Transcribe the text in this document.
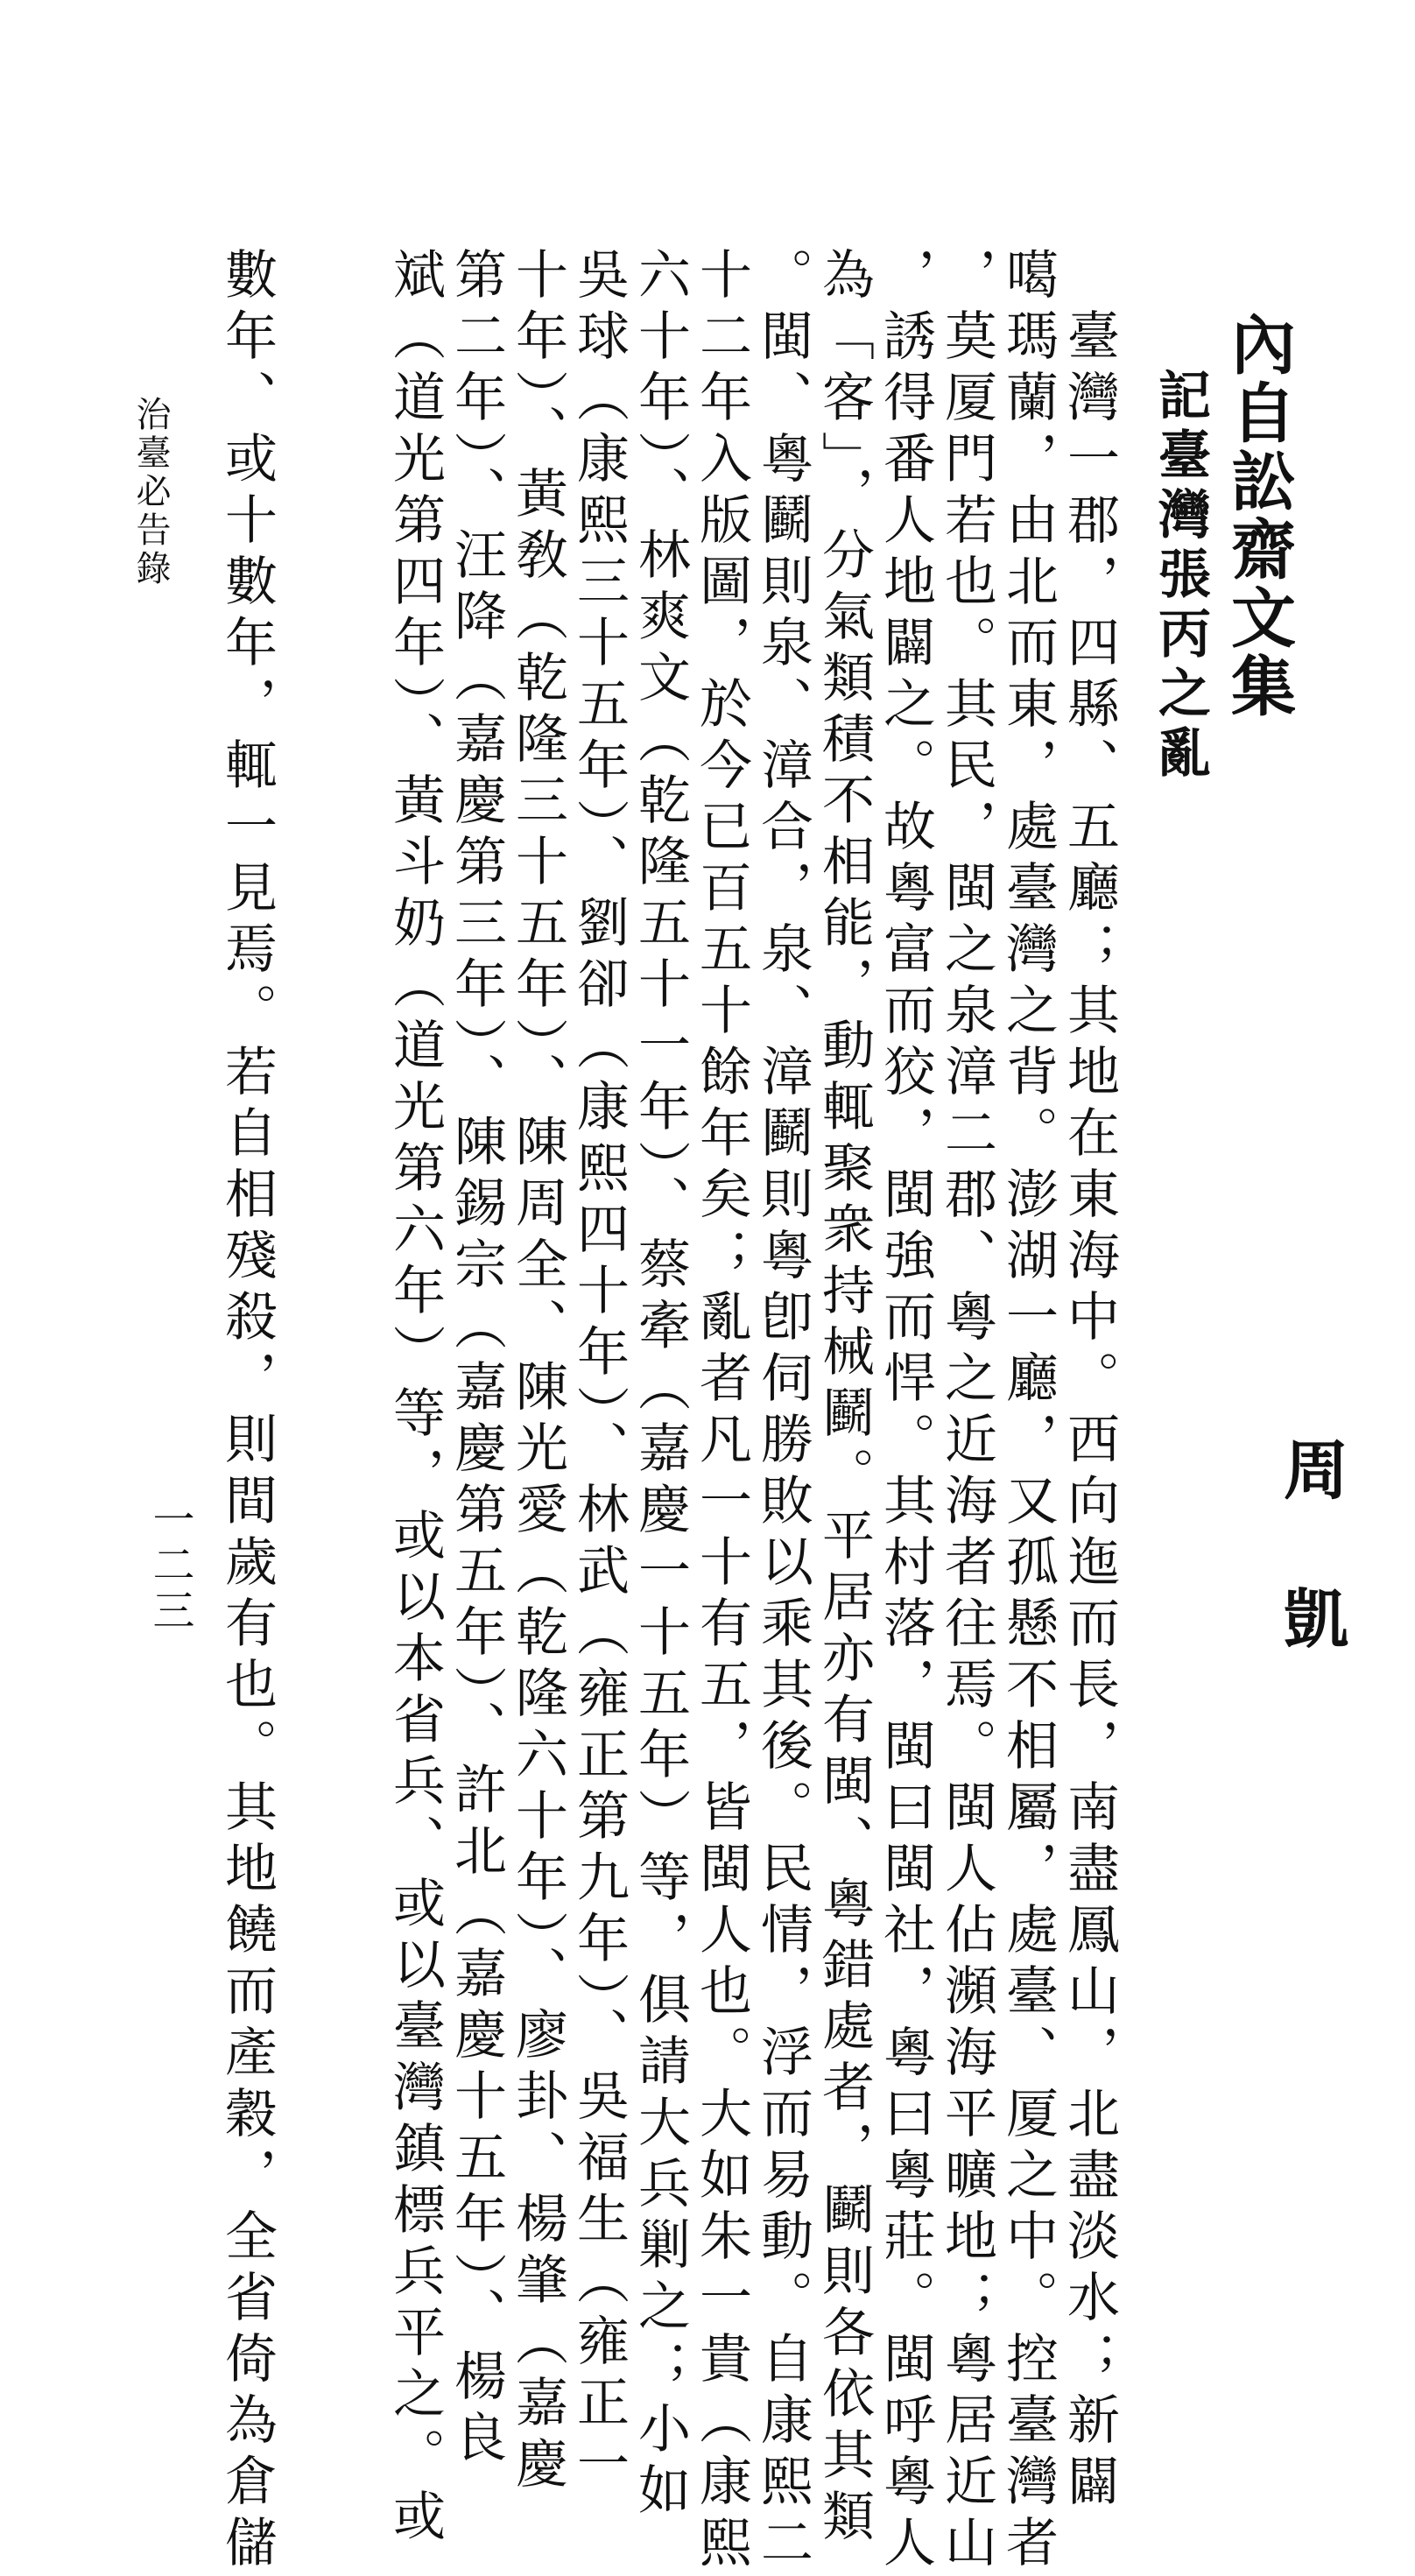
內自訟齋文集
周凱
記臺灣張丙之亂
臺灣一郡，四縣、五廳；其地在東海中。西向迤而長，南盡鳳山，北盡淡水；新闢
噶瑪蘭，由北而東，處臺灣之背。澎湖一廳，又孤懸不相屬，處臺、厦之中。控臺灣者
，莫厦門若也。其民，閩之泉漳二郡、粵之近海者往焉。閩人佔瀕海平曠地；粵居近山
，誘得番人地闢之。故粵富而狡，閩強而悍。其村落，閩曰閩社，粵曰粵莊。閩呼粵人
為「客」，分氣類積不相能，動輒聚衆持械鬬。平居亦有閩、粵錯處者，鬬則各依其類
。閩、粵鬬則泉、漳合，泉、漳鬬則粵卽伺勝敗以乘其後。民情，浮而易動。自康熙二
十二年入版圖，於今已百五十餘年矣；亂者凡一十有五，皆閩人也。大如朱一貴（康熙
六十年）、林爽文（乾隆五十一年）、蔡牽（嘉慶一十五年）等，俱請大兵剿之；小如
吳球（康熙三十五年）、劉卻（康熙四十年）、林武（雍正第九年）、吳福生（雍正一
十年）、黃敎（乾隆三十五年）、陳周全、陳光愛（乾隆六十年）、廖卦、楊肇（嘉慶
第二年）、汪降（嘉慶第三年）、陳錫宗（嘉慶第五年）、許北（嘉慶十五年）、楊良
斌（道光第四年）、黃斗奶（道光第六年）等，或以本省兵、或以臺灣鎮標兵平之。或
數年、或十數年，輒一見焉。若自相殘殺，則間歲有也。其地饒而產穀，全省倚為倉儲
治臺必告錄
一二三
